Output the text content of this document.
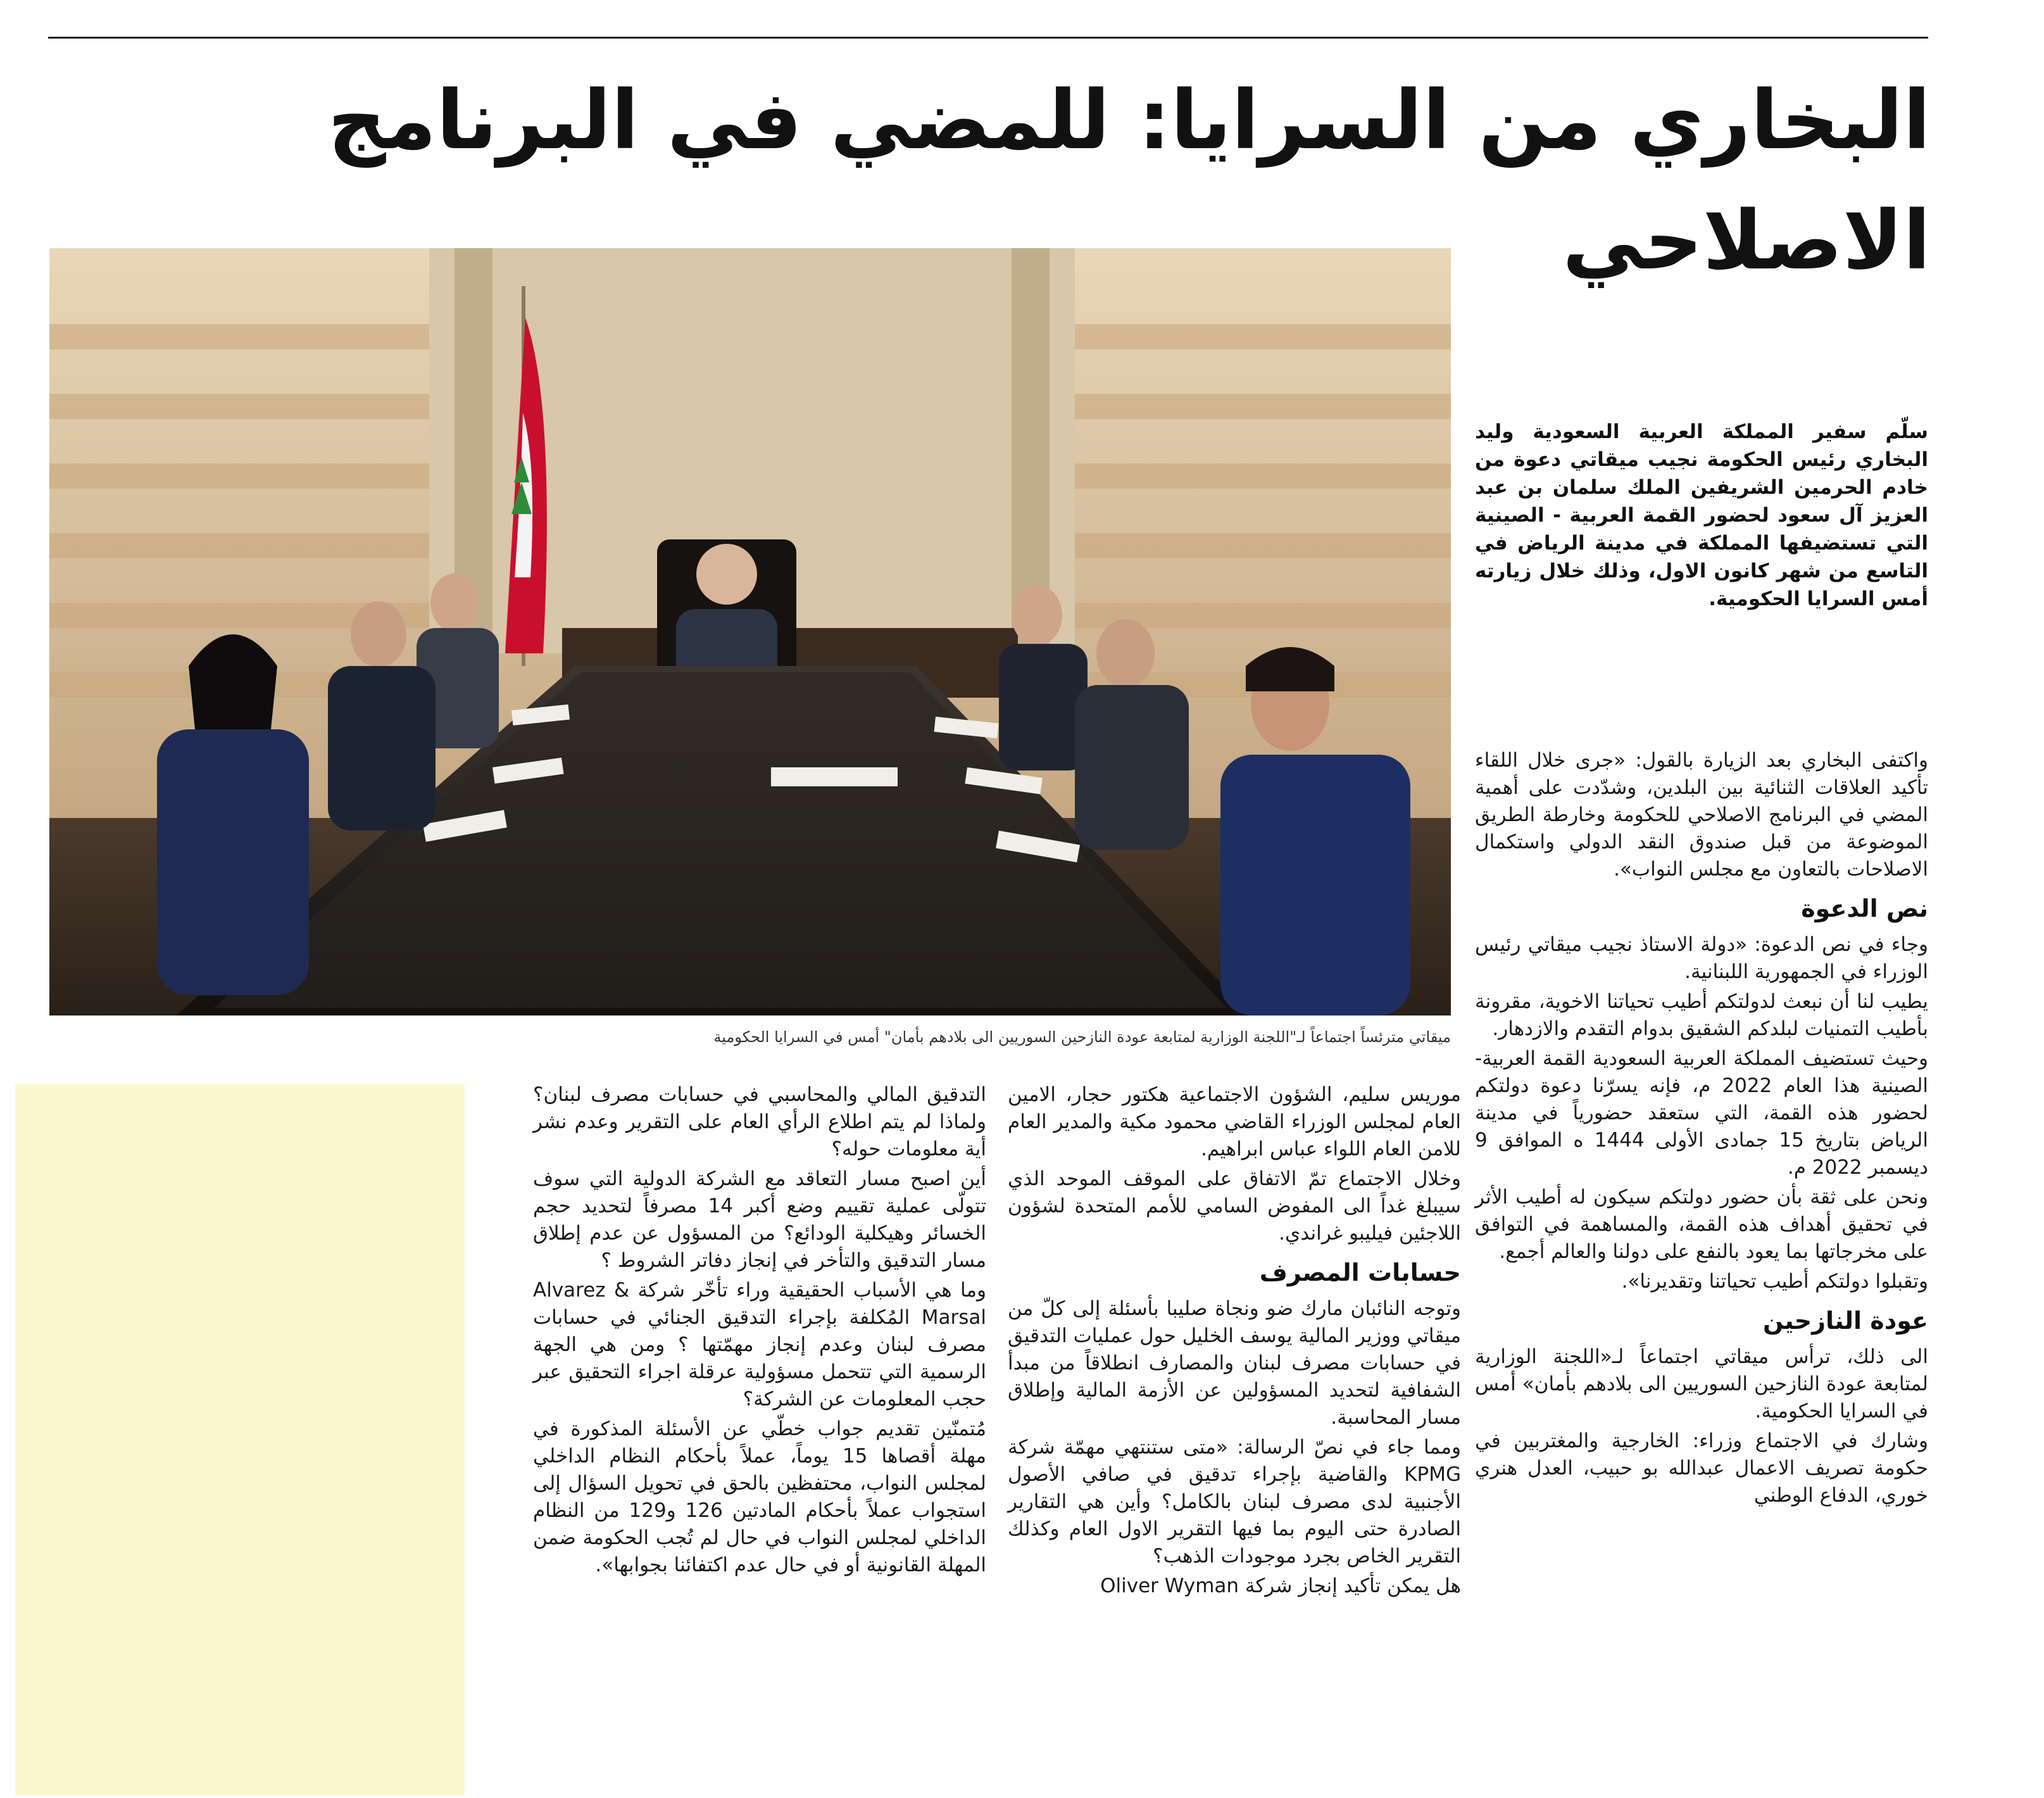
البخاري من السرايا: للمضي في البرنامج الاصلاحي
ميقاتي مترئساً اجتماعاً لـ"اللجنة الوزارية لمتابعة عودة النازحين السوريين الى بلادهم بأمان" أمس في السرايا الحكومية
سلّم سفير المملكة العربية السعودية وليد البخاري رئيس الحكومة نجيب ميقاتي دعوة من خادم الحرمين الشريفين الملك سلمان بن عبد العزيز آل سعود لحضور القمة العربية - الصينية التي تستضيفها المملكة في مدينة الرياض في التاسع من شهر كانون الاول، وذلك خلال زيارته أمس السرايا الحكومية.

واكتفى البخاري بعد الزيارة بالقول: «جرى خلال اللقاء تأكيد العلاقات الثنائية بين البلدين، وشدّدت على أهمية المضي في البرنامج الاصلاحي للحكومة وخارطة الطريق الموضوعة من قبل صندوق النقد الدولي واستكمال الاصلاحات بالتعاون مع مجلس النواب».

نص الدعوة

وجاء في نص الدعوة: «دولة الاستاذ نجيب ميقاتي رئيس الوزراء في الجمهورية اللبنانية.

يطيب لنا أن نبعث لدولتكم أطيب تحياتنا الاخوية، مقرونة بأطيب التمنيات لبلدكم الشقيق بدوام التقدم والازدهار.

وحيث تستضيف المملكة العربية السعودية القمة العربية-الصينية هذا العام 2022 م، فإنه يسرّنا دعوة دولتكم لحضور هذه القمة، التي ستعقد حضورياً في مدينة الرياض بتاريخ 15 جمادى الأولى 1444 ه الموافق 9 ديسمبر 2022 م.

ونحن على ثقة بأن حضور دولتكم سيكون له أطيب الأثر في تحقيق أهداف هذه القمة، والمساهمة في التوافق على مخرجاتها بما يعود بالنفع على دولنا والعالم أجمع.

وتقبلوا دولتكم أطيب تحياتنا وتقديرنا».

عودة النازحين

الى ذلك، ترأس ميقاتي اجتماعاً لـ«اللجنة الوزارية لمتابعة عودة النازحين السوريين الى بلادهم بأمان» أمس في السرايا الحكومية.

وشارك في الاجتماع وزراء: الخارجية والمغتربين في حكومة تصريف الاعمال عبدالله بو حبيب، العدل هنري خوري، الدفاع الوطني

موريس سليم، الشؤون الاجتماعية هكتور حجار، الامين العام لمجلس الوزراء القاضي محمود مكية والمدير العام للامن العام اللواء عباس ابراهيم.

وخلال الاجتماع تمّ الاتفاق على الموقف الموحد الذي سيبلغ غداً الى المفوض السامي للأمم المتحدة لشؤون اللاجئين فيليبو غراندي.

حسابات المصرف

وتوجه النائبان مارك ضو ونجاة صليبا بأسئلة إلى كلّ من ميقاتي ووزير المالية يوسف الخليل حول عمليات التدقيق في حسابات مصرف لبنان والمصارف انطلاقاً من مبدأ الشفافية لتحديد المسؤولين عن الأزمة المالية وإطلاق مسار المحاسبة.

ومما جاء في نصّ الرسالة: «متى ستنتهي مهمّة شركة KPMG والقاضية بإجراء تدقيق في صافي الأصول الأجنبية لدى مصرف لبنان بالكامل؟ وأين هي التقارير الصادرة حتى اليوم بما فيها التقرير الاول العام وكذلك التقرير الخاص بجرد موجودات الذهب؟

هل يمكن تأكيد إنجاز شركة Oliver Wyman

التدقيق المالي والمحاسبي في حسابات مصرف لبنان؟ ولماذا لم يتم اطلاع الرأي العام على التقرير وعدم نشر أية معلومات حوله؟

أين اصبح مسار التعاقد مع الشركة الدولية التي سوف تتولّى عملية تقييم وضع أكبر 14 مصرفاً لتحديد حجم الخسائر وهيكلية الودائع؟ من المسؤول عن عدم إطلاق مسار التدقيق والتأخر في إنجاز دفاتر الشروط ؟

وما هي الأسباب الحقيقية وراء تأخّر شركة Alvarez & Marsal المُكلفة بإجراء التدقيق الجنائي في حسابات مصرف لبنان وعدم إنجاز مهمّتها ؟ ومن هي الجهة الرسمية التي تتحمل مسؤولية عرقلة اجراء التحقيق عبر حجب المعلومات عن الشركة؟

مُتمنّين تقديم جواب خطّي عن الأسئلة المذكورة في مهلة أقصاها 15 يوماً، عملاً بأحكام النظام الداخلي لمجلس النواب، محتفظين بالحق في تحويل السؤال إلى استجواب عملاً بأحكام المادتين 126 و129 من النظام الداخلي لمجلس النواب في حال لم تُجب الحكومة ضمن المهلة القانونية أو في حال عدم اكتفائنا بجوابها».
